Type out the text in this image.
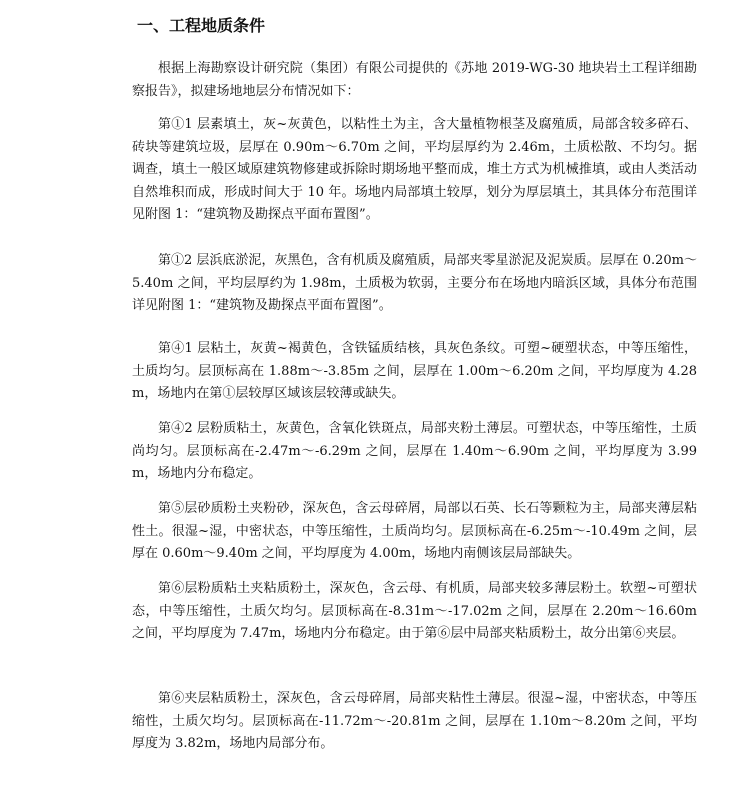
一、工程地质条件

根据上海勘察设计研究院（集团）有限公司提供的《苏地 2019-WG-30 地块岩土工程详细勘察报告》，拟建场地地层分布情况如下：

第①1 层素填土，灰~灰黄色，以粘性土为主，含大量植物根茎及腐殖质，局部含较多碎石、砖块等建筑垃圾，层厚在 0.90m～6.70m 之间，平均层厚约为 2.46m，土质松散、不均匀。据调查，填土一般区域原建筑物修建或拆除时期场地平整而成，堆土方式为机械推填，或由人类活动自然堆积而成，形成时间大于 10 年。场地内局部填土较厚，划分为厚层填土，其具体分布范围详见附图 1：“建筑物及勘探点平面布置图”。

第①2 层浜底淤泥，灰黑色，含有机质及腐殖质，局部夹零星淤泥及泥炭质。层厚在 0.20m～5.40m 之间，平均层厚约为 1.98m，土质极为软弱，主要分布在场地内暗浜区域，具体分布范围详见附图 1：“建筑物及勘探点平面布置图”。

第④1 层粘土，灰黄~褐黄色，含铁锰质结核，具灰色条纹。可塑~硬塑状态，中等压缩性，土质均匀。层顶标高在 1.88m～-3.85m 之间，层厚在 1.00m～6.20m 之间，平均厚度为 4.28m，场地内在第①层较厚区域该层较薄或缺失。

第④2 层粉质粘土，灰黄色，含氧化铁斑点，局部夹粉土薄层。可塑状态，中等压缩性，土质尚均匀。层顶标高在-2.47m～-6.29m 之间，层厚在 1.40m～6.90m 之间，平均厚度为 3.99m，场地内分布稳定。

第⑤层砂质粉土夹粉砂，深灰色，含云母碎屑，局部以石英、长石等颗粒为主，局部夹薄层粘性土。很湿~湿，中密状态，中等压缩性，土质尚均匀。层顶标高在-6.25m～-10.49m 之间，层厚在 0.60m～9.40m 之间，平均厚度为 4.00m，场地内南侧该层局部缺失。

第⑥层粉质粘土夹粘质粉土，深灰色，含云母、有机质，局部夹较多薄层粉土。软塑~可塑状态，中等压缩性，土质欠均匀。层顶标高在-8.31m～-17.02m 之间，层厚在 2.20m～16.60m 之间，平均厚度为 7.47m，场地内分布稳定。由于第⑥层中局部夹粘质粉土，故分出第⑥夹层。

第⑥夹层粘质粉土，深灰色，含云母碎屑，局部夹粘性土薄层。很湿~湿，中密状态，中等压缩性，土质欠均匀。层顶标高在-11.72m～-20.81m 之间，层厚在 1.10m～8.20m 之间，平均厚度为 3.82m，场地内局部分布。
